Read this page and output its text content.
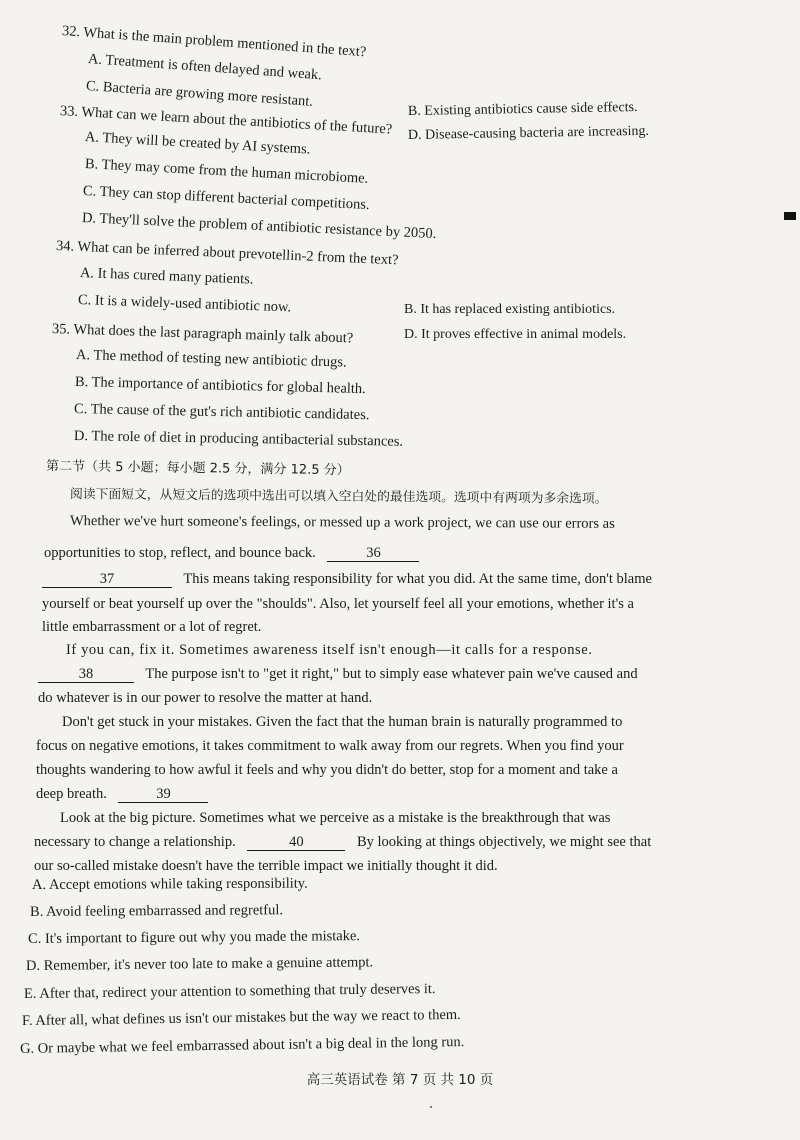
32. What is the main problem mentioned in the text?
A. Treatment is often delayed and weak.
C. Bacteria are growing more resistant.	B. Existing antibiotics cause side effects.
D. Disease-causing bacteria are increasing.
33. What can we learn about the antibiotics of the future?
A. They will be created by AI systems.
B. They may come from the human microbiome.
C. They can stop different bacterial competitions.
D. They'll solve the problem of antibiotic resistance by 2050.
34. What can be inferred about prevotellin-2 from the text?
A. It has cured many patients.
C. It is a widely-used antibiotic now.	B. It has replaced existing antibiotics.
D. It proves effective in animal models.
35. What does the last paragraph mainly talk about?
A. The method of testing new antibiotic drugs.
B. The importance of antibiotics for global health.
C. The cause of the gut's rich antibiotic candidates.
D. The role of diet in producing antibacterial substances.
第二节（共 5 小题；每小题 2.5 分，满分 12.5 分）
阅读下面短文，从短文后的选项中选出可以填入空白处的最佳选项。选项中有两项为多余选项。
Whether we've hurt someone's feelings, or messed up a work project, we can use our errors as
opportunities to stop, reflect, and bounce back.	36
37	This means taking responsibility for what you did. At the same time, don't blame
yourself or beat yourself up over the "shoulds". Also, let yourself feel all your emotions, whether it's a
little embarrassment or a lot of regret.
If you can, fix it. Sometimes awareness itself isn't enough—it calls for a response.
38	The purpose isn't to "get it right," but to simply ease whatever pain we've caused and
do whatever is in our power to resolve the matter at hand.
Don't get stuck in your mistakes. Given the fact that the human brain is naturally programmed to
focus on negative emotions, it takes commitment to walk away from our regrets. When you find your
thoughts wandering to how awful it feels and why you didn't do better, stop for a moment and take a
deep breath.	39
Look at the big picture. Sometimes what we perceive as a mistake is the breakthrough that was
necessary to change a relationship.	40	By looking at things objectively, we might see that
our so-called mistake doesn't have the terrible impact we initially thought it did.
A. Accept emotions while taking responsibility.
B. Avoid feeling embarrassed and regretful.
C. It's important to figure out why you made the mistake.
D. Remember, it's never too late to make a genuine attempt.
E. After that, redirect your attention to something that truly deserves it.
F. After all, what defines us isn't our mistakes but the way we react to them.
G. Or maybe what we feel embarrassed about isn't a big deal in the long run.
高三英语试卷 第 7 页 共 10 页
